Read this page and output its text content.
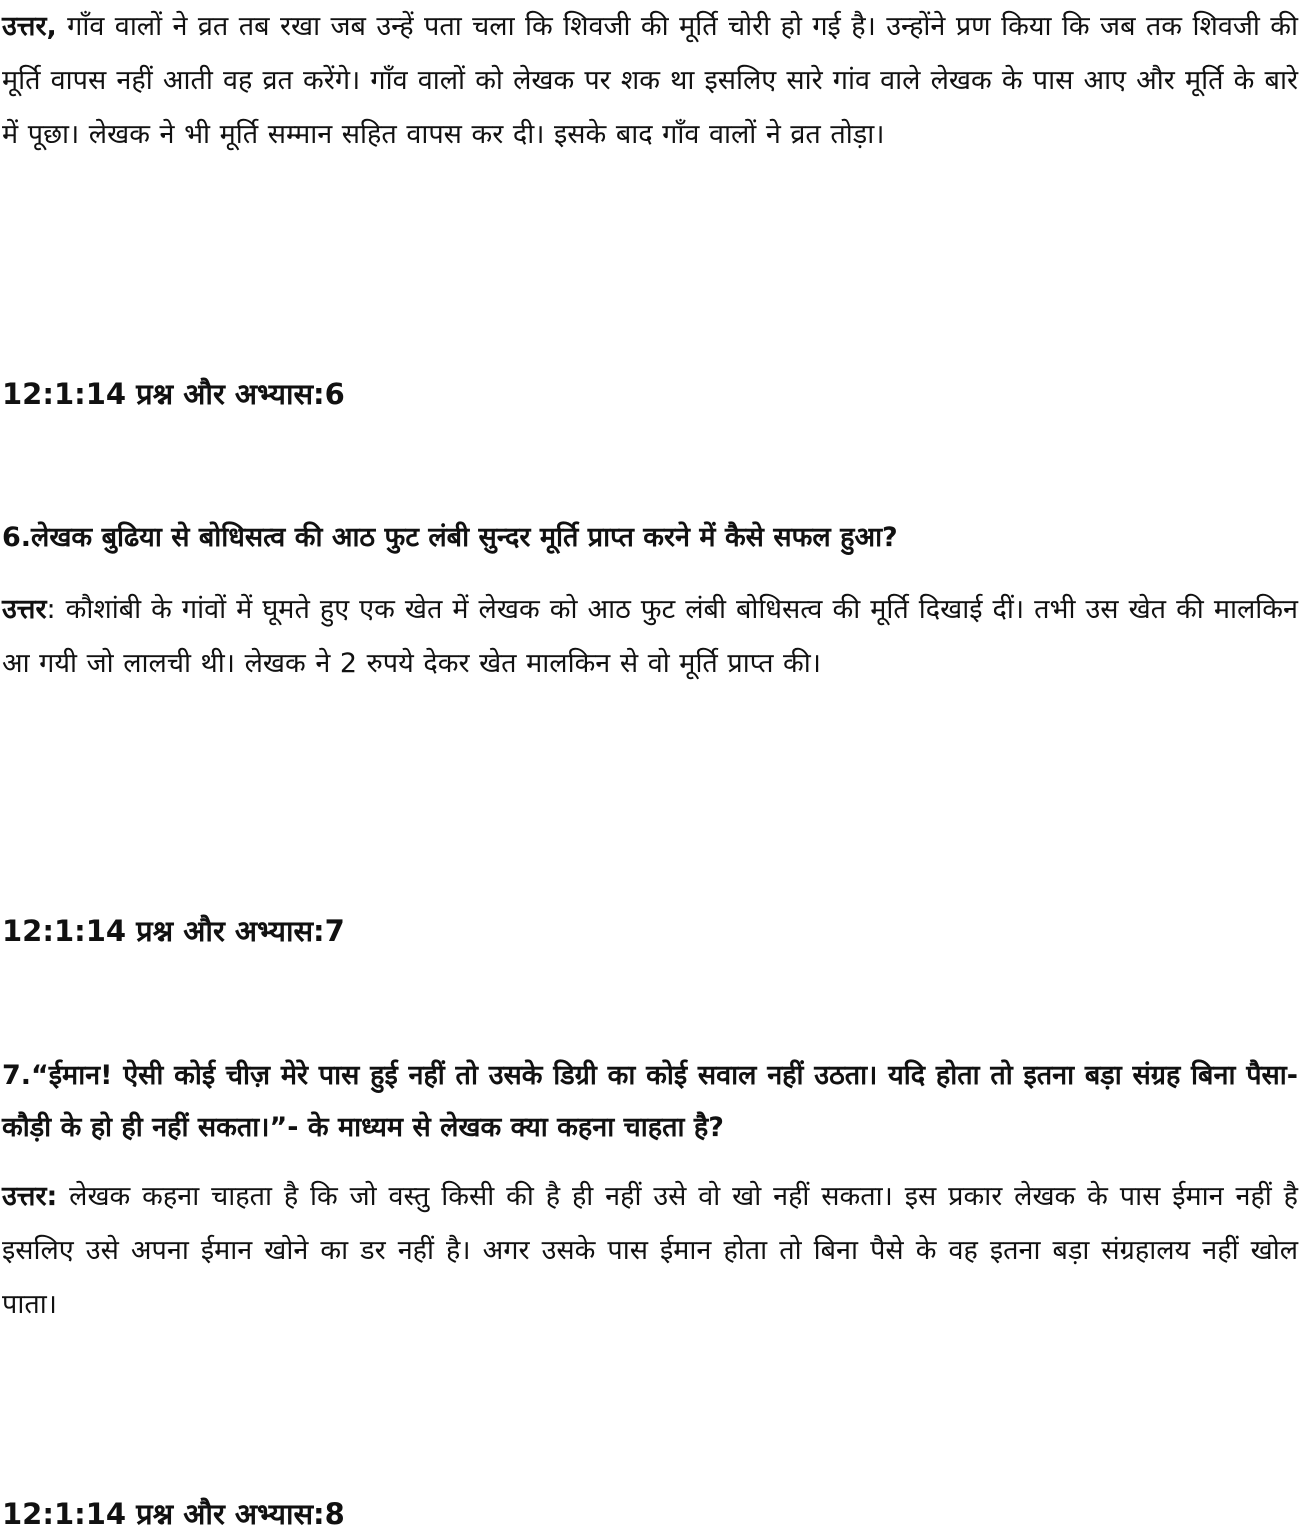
उत्तर, गाँव वालों ने व्रत तब रखा जब उन्हें पता चला कि शिवजी की मूर्ति चोरी हो गई है। उन्होंने प्रण किया कि जब तक शिवजी की मूर्ति वापस नहीं आती वह व्रत करेंगे। गाँव वालों को लेखक पर शक था इसलिए सारे गांव वाले लेखक के पास आए और मूर्ति के बारे में पूछा। लेखक ने भी मूर्ति सम्मान सहित वापस कर दी। इसके बाद गाँव वालों ने व्रत तोड़ा।

12:1:14 प्रश्न और अभ्यास:6

6.लेखक बुढिया से बोधिसत्व की आठ फुट लंबी सुन्दर मूर्ति प्राप्त करने में कैसे सफल हुआ?

उत्तर: कौशांबी के गांवों में घूमते हुए एक खेत में लेखक को आठ फुट लंबी बोधिसत्व की मूर्ति दिखाई दीं। तभी उस खेत की मालकिन आ गयी जो लालची थी। लेखक ने 2 रुपये देकर खेत मालकिन से वो मूर्ति प्राप्त की।

12:1:14 प्रश्न और अभ्यास:7

7.“ईमान! ऐसी कोई चीज़ मेरे पास हुई नहीं तो उसके डिग्री का कोई सवाल नहीं उठता। यदि होता तो इतना बड़ा संग्रह बिना पैसा- कौड़ी के हो ही नहीं सकता।”- के माध्यम से लेखक क्या कहना चाहता है?

उत्तर: लेखक कहना चाहता है कि जो वस्तु किसी की है ही नहीं उसे वो खो नहीं सकता। इस प्रकार लेखक के पास ईमान नहीं है इसलिए उसे अपना ईमान खोने का डर नहीं है। अगर उसके पास ईमान होता तो बिना पैसे के वह इतना बड़ा संग्रहालय नहीं खोल पाता।

12:1:14 प्रश्न और अभ्यास:8
